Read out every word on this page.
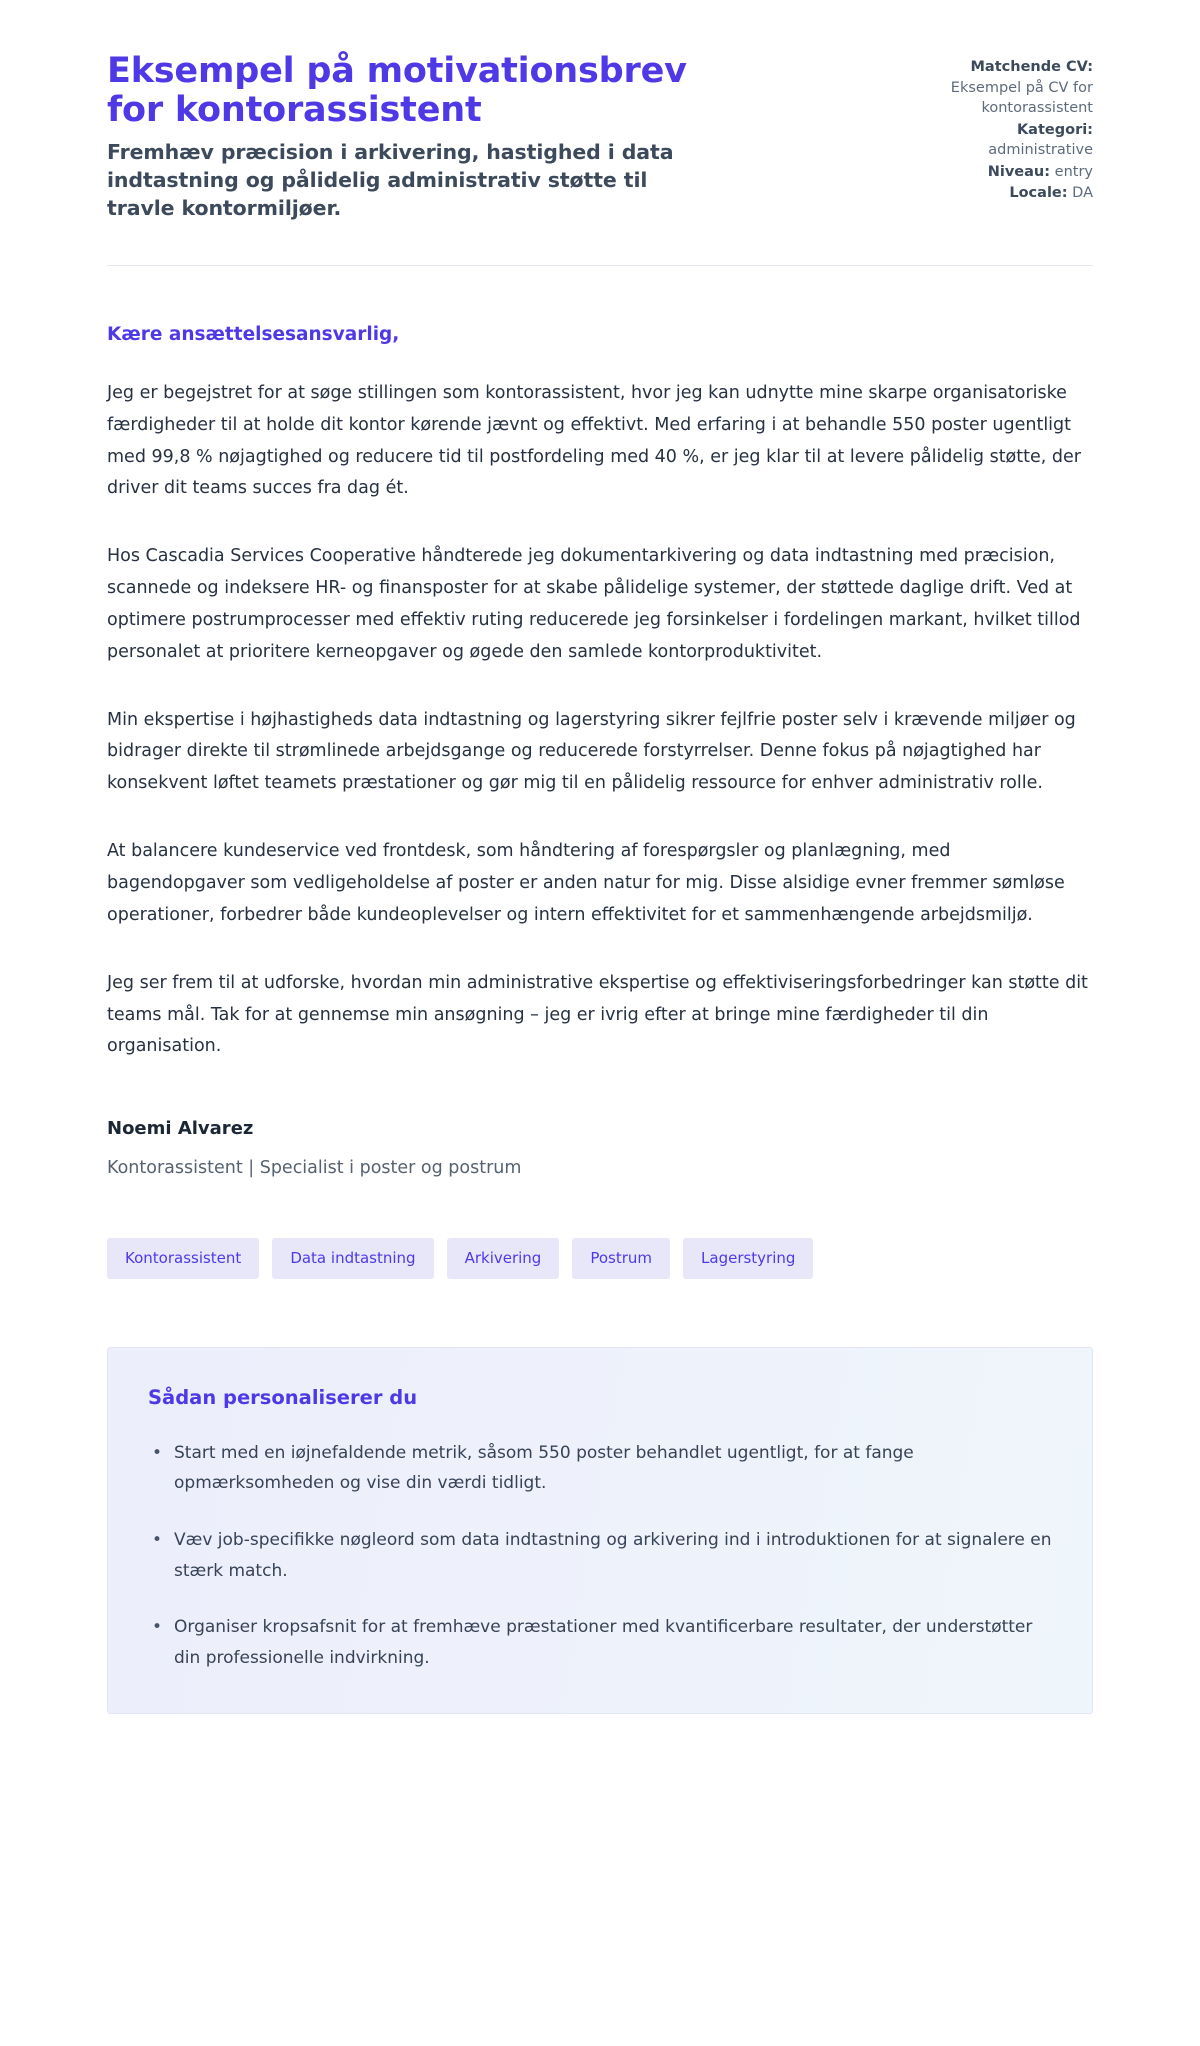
Eksempel på motivationsbrev for kontorassistent

Fremhæv præcision i arkivering, hastighed i data indtastning og pålidelig administrativ støtte til travle kontormiljøer.

Matchende CV:
Eksempel på CV for kontorassistent
Kategori:
administrative
Niveau: entry
Locale: DA

Kære ansættelsesansvarlig,

Jeg er begejstret for at søge stillingen som kontorassistent, hvor jeg kan udnytte mine skarpe organisatoriske færdigheder til at holde dit kontor kørende jævnt og effektivt. Med erfaring i at behandle 550 poster ugentligt med 99,8 % nøjagtighed og reducere tid til postfordeling med 40 %, er jeg klar til at levere pålidelig støtte, der driver dit teams succes fra dag ét.

Hos Cascadia Services Cooperative håndterede jeg dokumentarkivering og data indtastning med præcision, scannede og indeksere HR- og finansposter for at skabe pålidelige systemer, der støttede daglige drift. Ved at optimere postrumprocesser med effektiv ruting reducerede jeg forsinkelser i fordelingen markant, hvilket tillod personalet at prioritere kerneopgaver og øgede den samlede kontorproduktivitet.

Min ekspertise i højhastigheds data indtastning og lagerstyring sikrer fejlfrie poster selv i krævende miljøer og bidrager direkte til strømlinede arbejdsgange og reducerede forstyrrelser. Denne fokus på nøjagtighed har konsekvent løftet teamets præstationer og gør mig til en pålidelig ressource for enhver administrativ rolle.

At balancere kundeservice ved frontdesk, som håndtering af forespørgsler og planlægning, med bagendopgaver som vedligeholdelse af poster er anden natur for mig. Disse alsidige evner fremmer sømløse operationer, forbedrer både kundeoplevelser og intern effektivitet for et sammenhængende arbejdsmiljø.

Jeg ser frem til at udforske, hvordan min administrative ekspertise og effektiviseringsforbedringer kan støtte dit teams mål. Tak for at gennemse min ansøgning – jeg er ivrig efter at bringe mine færdigheder til din organisation.

Noemi Alvarez

Kontorassistent | Specialist i poster og postrum

Kontorassistent	Data indtastning	Arkivering	Postrum	Lagerstyring
Sådan personaliserer du
• Start med en iøjnefaldende metrik, såsom 550 poster behandlet ugentligt, for at fange opmærksomheden og vise din værdi tidligt.
• Væv job-specifikke nøgleord som data indtastning og arkivering ind i introduktionen for at signalere en stærk match.
• Organiser kropsafsnit for at fremhæve præstationer med kvantificerbare resultater, der understøtter din professionelle indvirkning.
